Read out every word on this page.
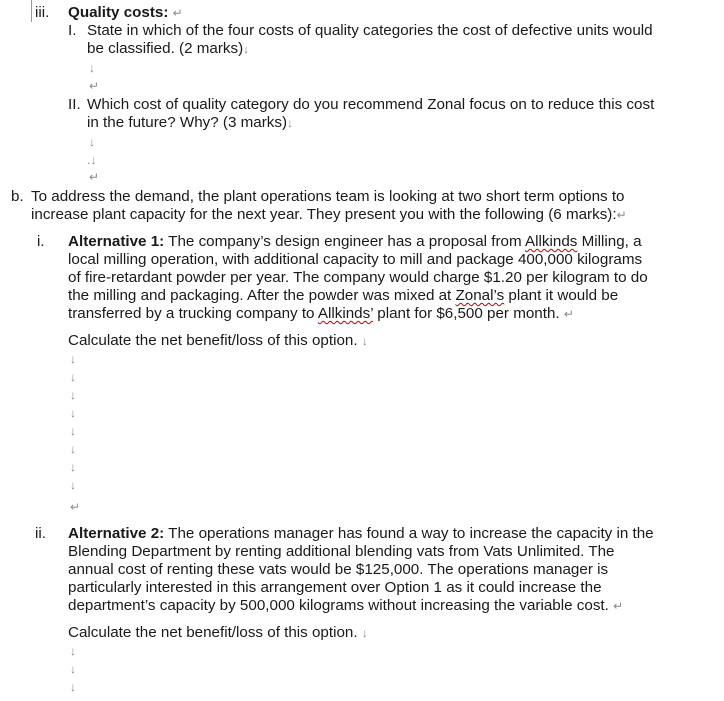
iii. Quality costs: ↵
I. State in which of the four costs of quality categories the cost of defective units would
be classified. (2 marks)↓
↓
↵
II. Which cost of quality category do you recommend Zonal focus on to reduce this cost
in the future? Why? (3 marks)↓
↓
.↓
↵
b. To address the demand, the plant operations team is looking at two short term options to
increase plant capacity for the next year. They present you with the following (6 marks):↵
i. Alternative 1: The company’s design engineer has a proposal from Allkinds Milling, a
local milling operation, with additional capacity to mill and package 400,000 kilograms
of fire-retardant powder per year. The company would charge $1.20 per kilogram to do
the milling and packaging. After the powder was mixed at Zonal’s plant it would be
transferred by a trucking company to Allkinds’ plant for $6,500 per month. ↵
Calculate the net benefit/loss of this option. ↓
↓
↓
↓
↓
↓
↓
↓
↓
↵
ii. Alternative 2: The operations manager has found a way to increase the capacity in the
Blending Department by renting additional blending vats from Vats Unlimited. The
annual cost of renting these vats would be $125,000. The operations manager is
particularly interested in this arrangement over Option 1 as it could increase the
department’s capacity by 500,000 kilograms without increasing the variable cost. ↵
Calculate the net benefit/loss of this option. ↓
↓
↓
↓
